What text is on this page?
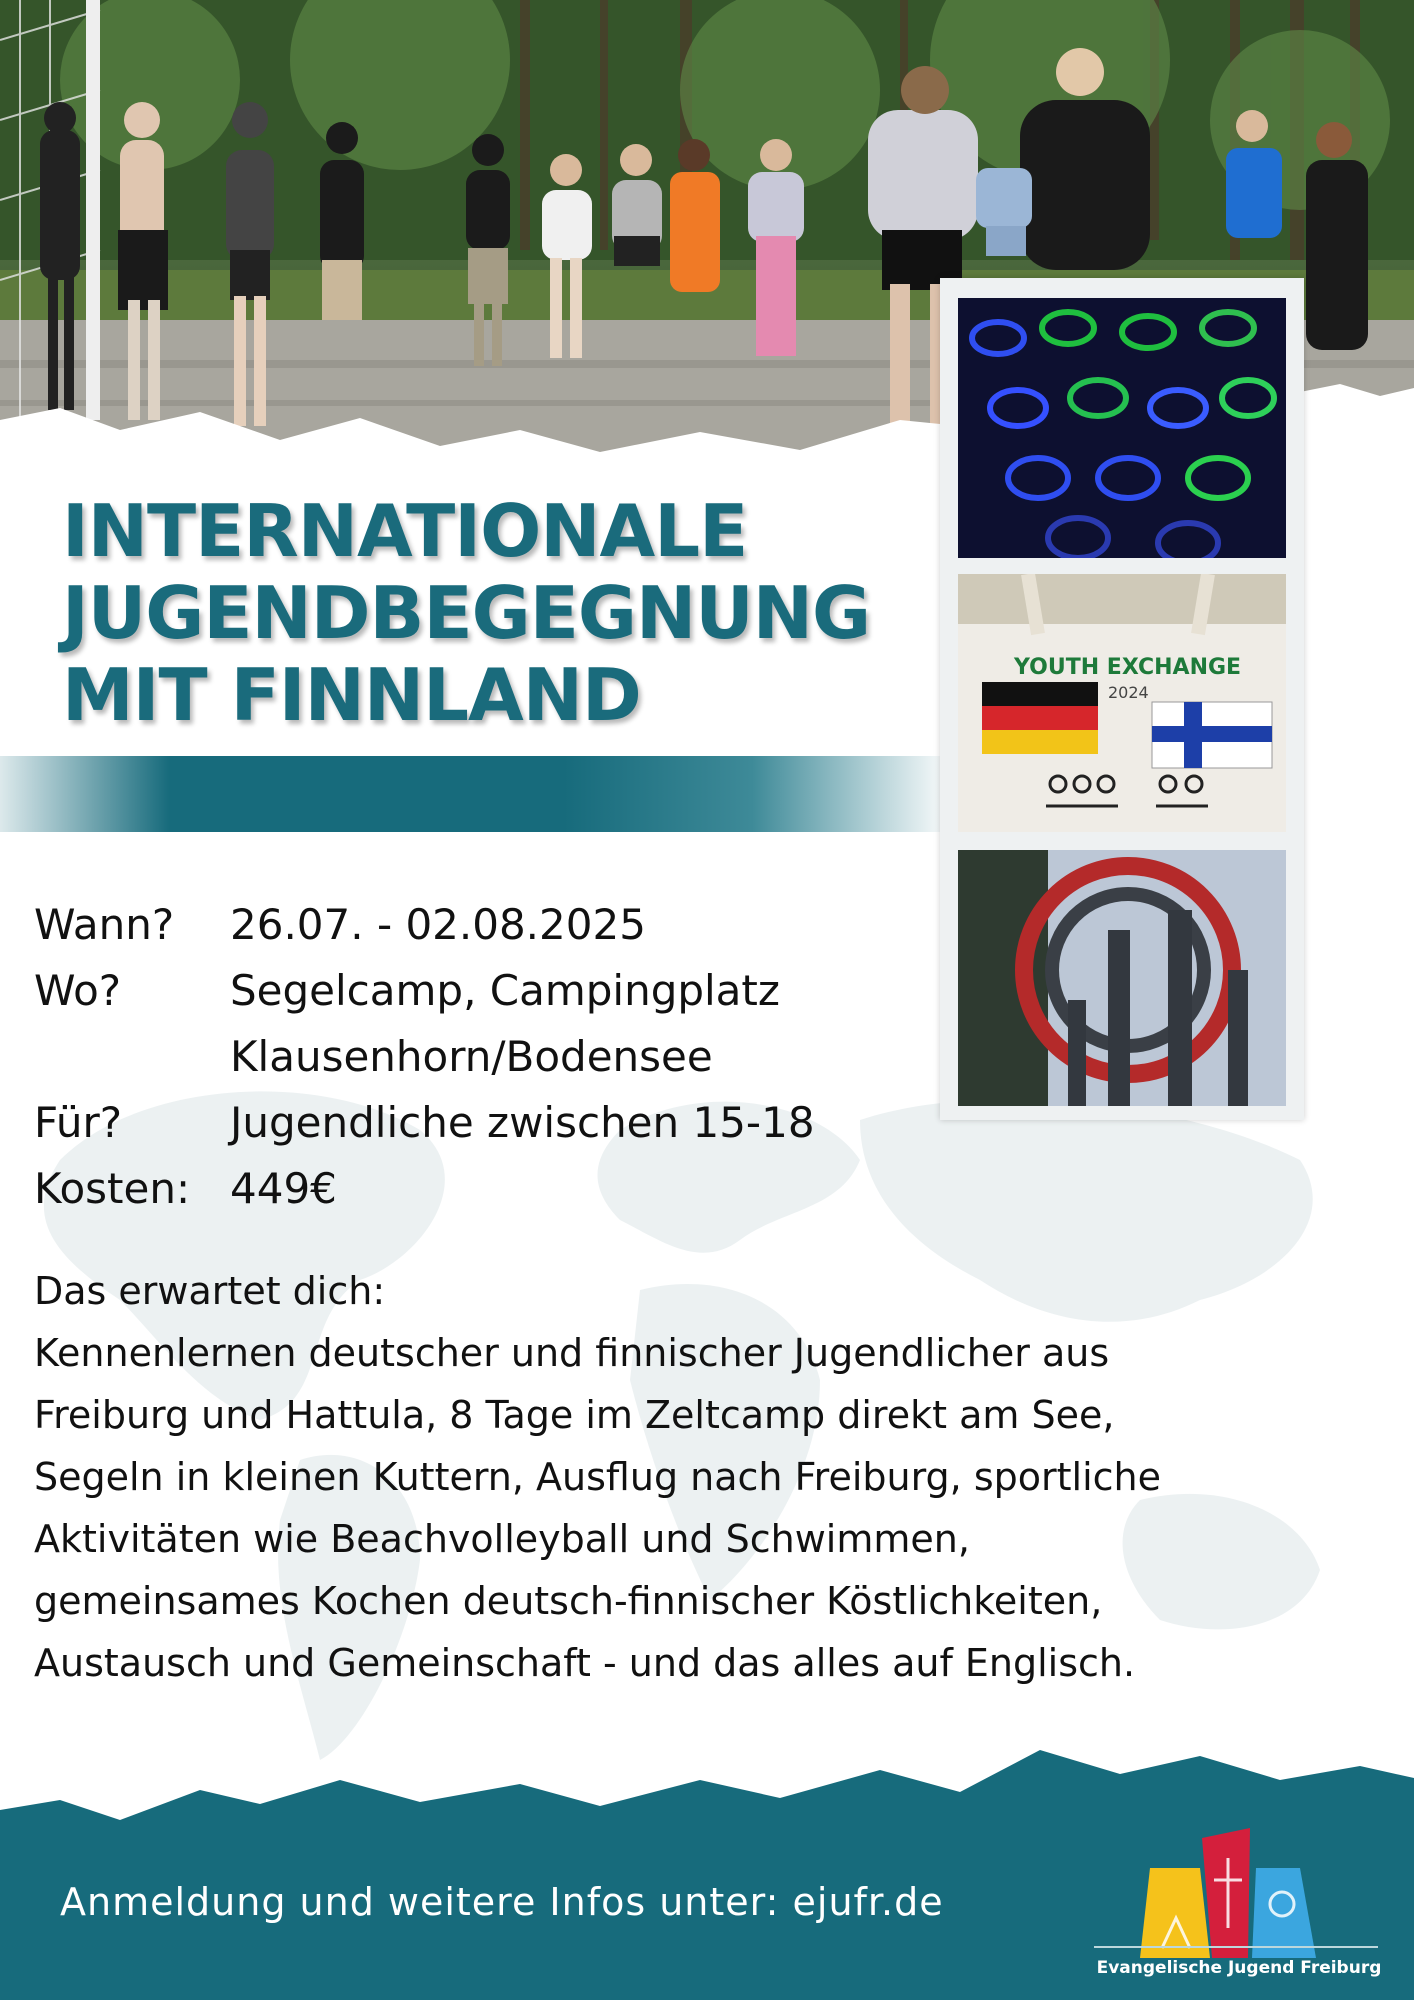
INTERNATIONALE
JUGENDBEGEGNUNG
MIT FINNLAND	YOUTH EXCHANGE
2024
Wann?	26.07. - 02.08.2025
Wo?	Segelcamp, Campingplatz
Klausenhorn/Bodensee
Für?	Jugendliche zwischen 15-18
Kosten: 449€

Das erwartet dich:

Kennenlernen deutscher und finnischer Jugendlicher aus
Freiburg und Hattula, 8 Tage im Zeltcamp direkt am See,
Segeln in kleinen Kuttern, Ausflug nach Freiburg, sportliche
Aktivitäten wie Beachvolleyball und Schwimmen,
gemeinsames Kochen deutsch-finnischer Köstlichkeiten,
Austausch und Gemeinschaft - und das alles auf Englisch.

Anmeldung und weitere Infos unter: ejufr.de
Evangelische Jugend Freiburg
